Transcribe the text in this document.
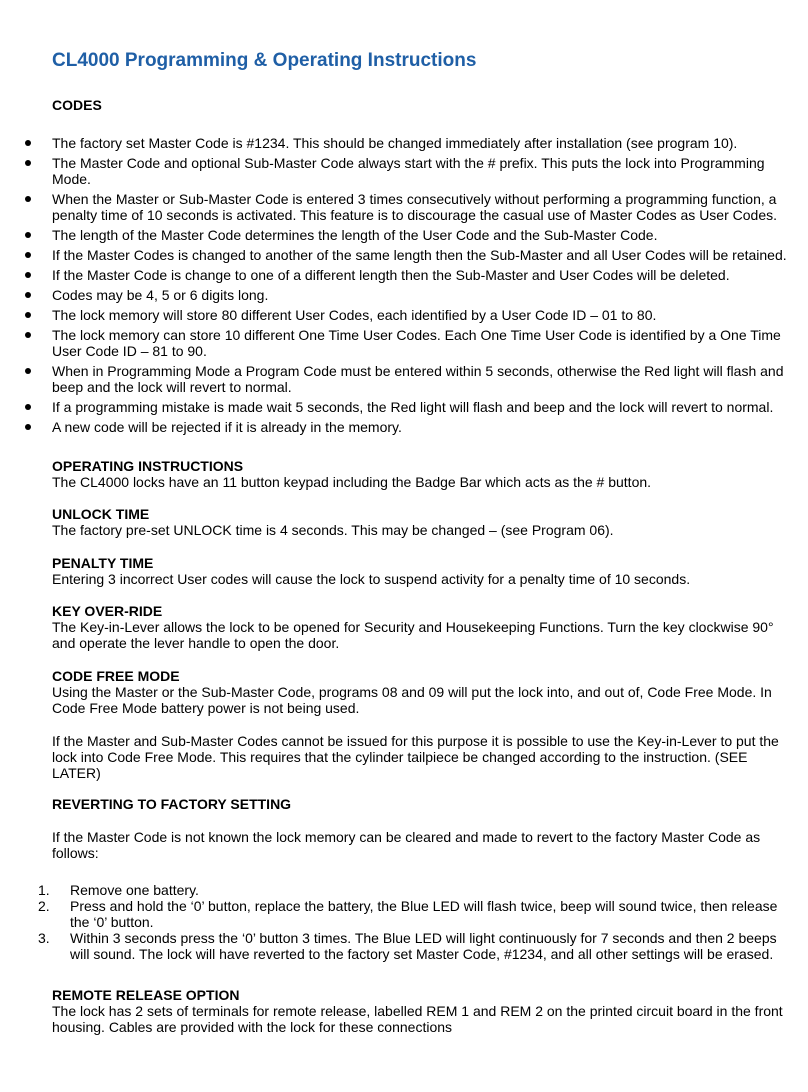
CL4000 Programming & Operating Instructions
CODES
The factory set Master Code is #1234. This should be changed immediately after installation (see program 10).
The Master Code and optional Sub-Master Code always start with the # prefix. This puts the lock into Programming Mode.
When the Master or Sub-Master Code is entered 3 times consecutively without performing a programming function, a penalty time of 10 seconds is activated. This feature is to discourage the casual use of Master Codes as User Codes.
The length of the Master Code determines the length of the User Code and the Sub-Master Code.
If the Master Codes is changed to another of the same length then the Sub-Master and all User Codes will be retained.
If the Master Code is change to one of a different length then the Sub-Master and User Codes will be deleted.
Codes may be 4, 5 or 6 digits long.
The lock memory will store 80 different User Codes, each identified by a User Code ID – 01 to 80.
The lock memory can store 10 different One Time User Codes. Each One Time User Code is identified by a One Time User Code ID – 81 to 90.
When in Programming Mode a Program Code must be entered within 5 seconds, otherwise the Red light will flash and beep and the lock will revert to normal.
If a programming mistake is made wait 5 seconds, the Red light will flash and beep and the lock will revert to normal.
A new code will be rejected if it is already in the memory.
OPERATING INSTRUCTIONS
The CL4000 locks have an 11 button keypad including the Badge Bar which acts as the # button.
UNLOCK TIME
The factory pre-set UNLOCK time is 4 seconds. This may be changed – (see Program 06).
PENALTY TIME
Entering 3 incorrect User codes will cause the lock to suspend activity for a penalty time of 10 seconds.
KEY OVER-RIDE
The Key-in-Lever allows the lock to be opened for Security and Housekeeping Functions. Turn the key clockwise 90° and operate the lever handle to open the door.
CODE FREE MODE
Using the Master or the Sub-Master Code, programs 08 and 09 will put the lock into, and out of, Code Free Mode. In Code Free Mode battery power is not being used.
If the Master and Sub-Master Codes cannot be issued for this purpose it is possible to use the Key-in-Lever to put the lock into Code Free Mode. This requires that the cylinder tailpiece be changed according to the instruction. (SEE LATER)
REVERTING TO FACTORY SETTING
If the Master Code is not known the lock memory can be cleared and made to revert to the factory Master Code as follows:
1. Remove one battery.
2. Press and hold the ‘0’ button, replace the battery, the Blue LED will flash twice, beep will sound twice, then release the ‘0’ button.
3. Within 3 seconds press the ‘0’ button 3 times. The Blue LED will light continuously for 7 seconds and then 2 beeps will sound. The lock will have reverted to the factory set Master Code, #1234, and all other settings will be erased.
REMOTE RELEASE OPTION
The lock has 2 sets of terminals for remote release, labelled REM 1 and REM 2 on the printed circuit board in the front housing. Cables are provided with the lock for these connections
